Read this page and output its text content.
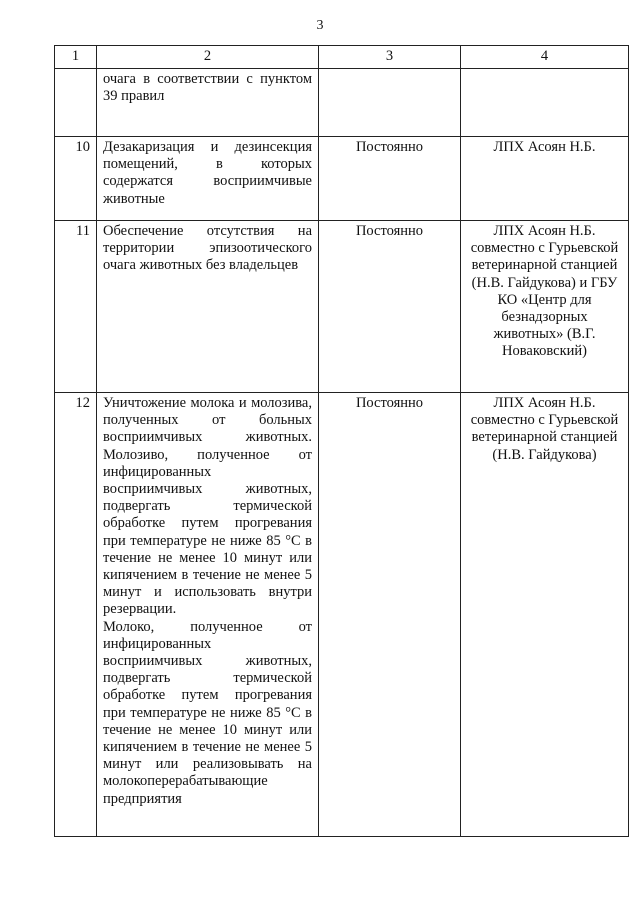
3
1	2	3	4
	очага в соответствии с пунктом 39 правил		
10	Дезакаризация и дезинсекция помещений, в которых содержатся восприимчивые животные	Постоянно	ЛПХ Асоян Н.Б.
11	Обеспечение отсутствия на территории эпизоотического очага животных без владельцев	Постоянно	ЛПХ Асоян Н.Б. совместно с Гурьевской ветеринарной станцией (Н.В. Гайдукова) и ГБУ КО «Центр для безнадзорных животных» (В.Г. Новаковский)
12	Уничтожение молока и молозива, полученных от больных восприимчивых животных. Молозиво, полученное от инфицированных восприимчивых животных, подвергать термической обработке путем прогревания при температуре не ниже 85 °С в течение не менее 10 минут или кипячением в течение не менее 5 минут и использовать внутри резервации.
Молоко, полученное от инфицированных восприимчивых животных, подвергать термической обработке путем прогревания при температуре не ниже 85 °С в течение не менее 10 минут или кипячением в течение не менее 5 минут или реализовывать на молокоперерабатывающие предприятия	Постоянно	ЛПХ Асоян Н.Б. совместно с Гурьевской ветеринарной станцией (Н.В. Гайдукова)
